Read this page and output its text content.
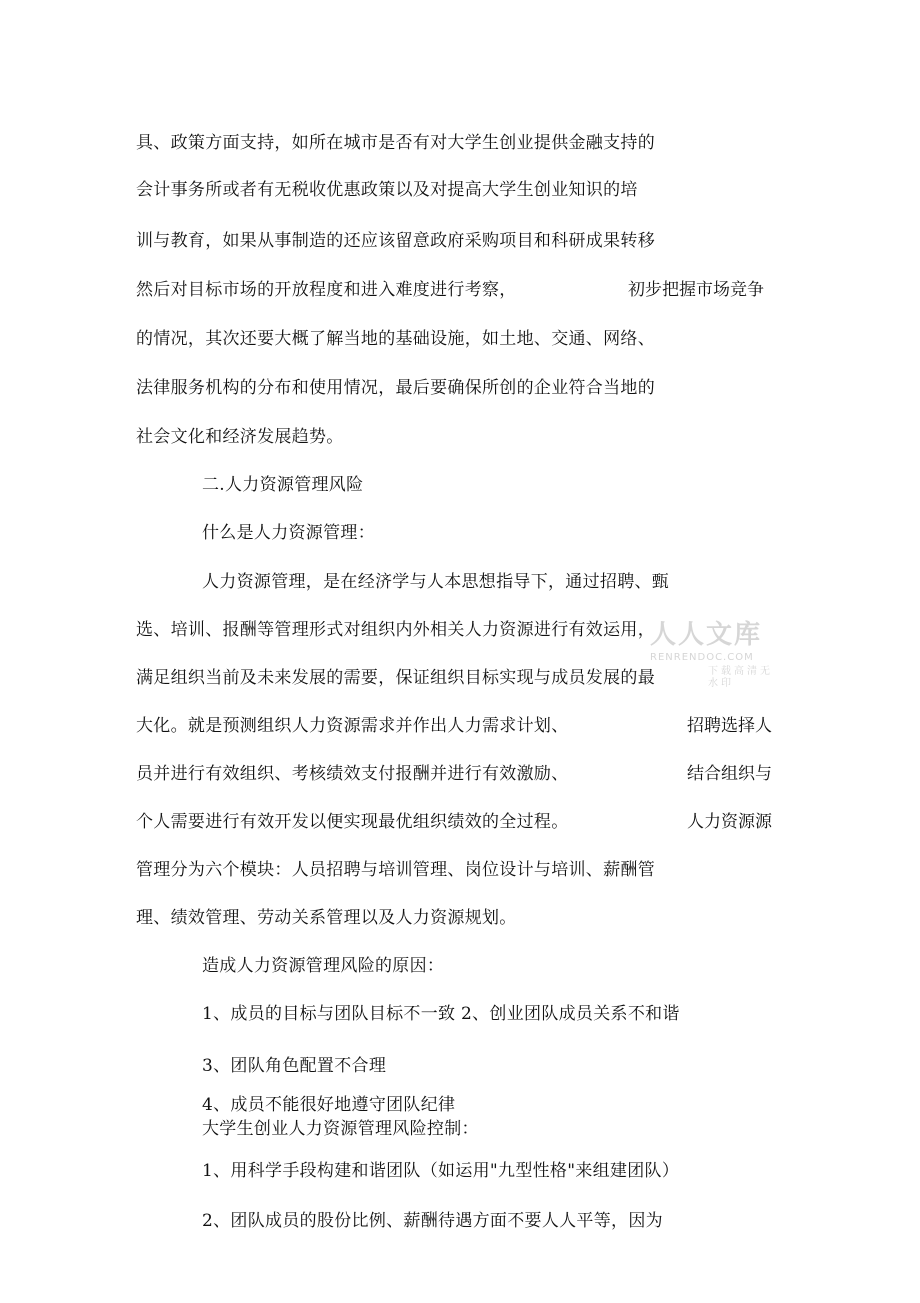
具、政策方面支持，如所在城市是否有对大学生创业提供金融支持的

会计事务所或者有无税收优惠政策以及对提高大学生创业知识的培

训与教育，如果从事制造的还应该留意政府采购项目和科研成果转移

然后对目标市场的开放程度和进入难度进行考察，	初步把握市场竞争

的情况，其次还要大概了解当地的基础设施，如土地、交通、网络、

法律服务机构的分布和使用情况，最后要确保所创的企业符合当地的

社会文化和经济发展趋势。

二.人力资源管理风险

什么是人力资源管理：

人力资源管理，是在经济学与人本思想指导下，通过招聘、甄

选、培训、报酬等管理形式对组织内外相关人力资源进行有效运用，

满足组织当前及未来发展的需要，保证组织目标实现与成员发展的最

大化。就是预测组织人力资源需求并作出人力需求计划、	招聘选择人

员并进行有效组织、考核绩效支付报酬并进行有效激励、	结合组织与

个人需要进行有效开发以便实现最优组织绩效的全过程。	人力资源源

管理分为六个模块：人员招聘与培训管理、岗位设计与培训、薪酬管

理、绩效管理、劳动关系管理以及人力资源规划。

造成人力资源管理风险的原因：

1、成员的目标与团队目标不一致 2、创业团队成员关系不和谐

3、团队角色配置不合理

4、成员不能很好地遵守团队纪律

大学生创业人力资源管理风险控制：

1、用科学手段构建和谐团队（如运用"九型性格"来组建团队）

2、团队成员的股份比例、薪酬待遇方面不要人人平等，因为

人人文库
RENRENDOC.COM
下载高清无水印
